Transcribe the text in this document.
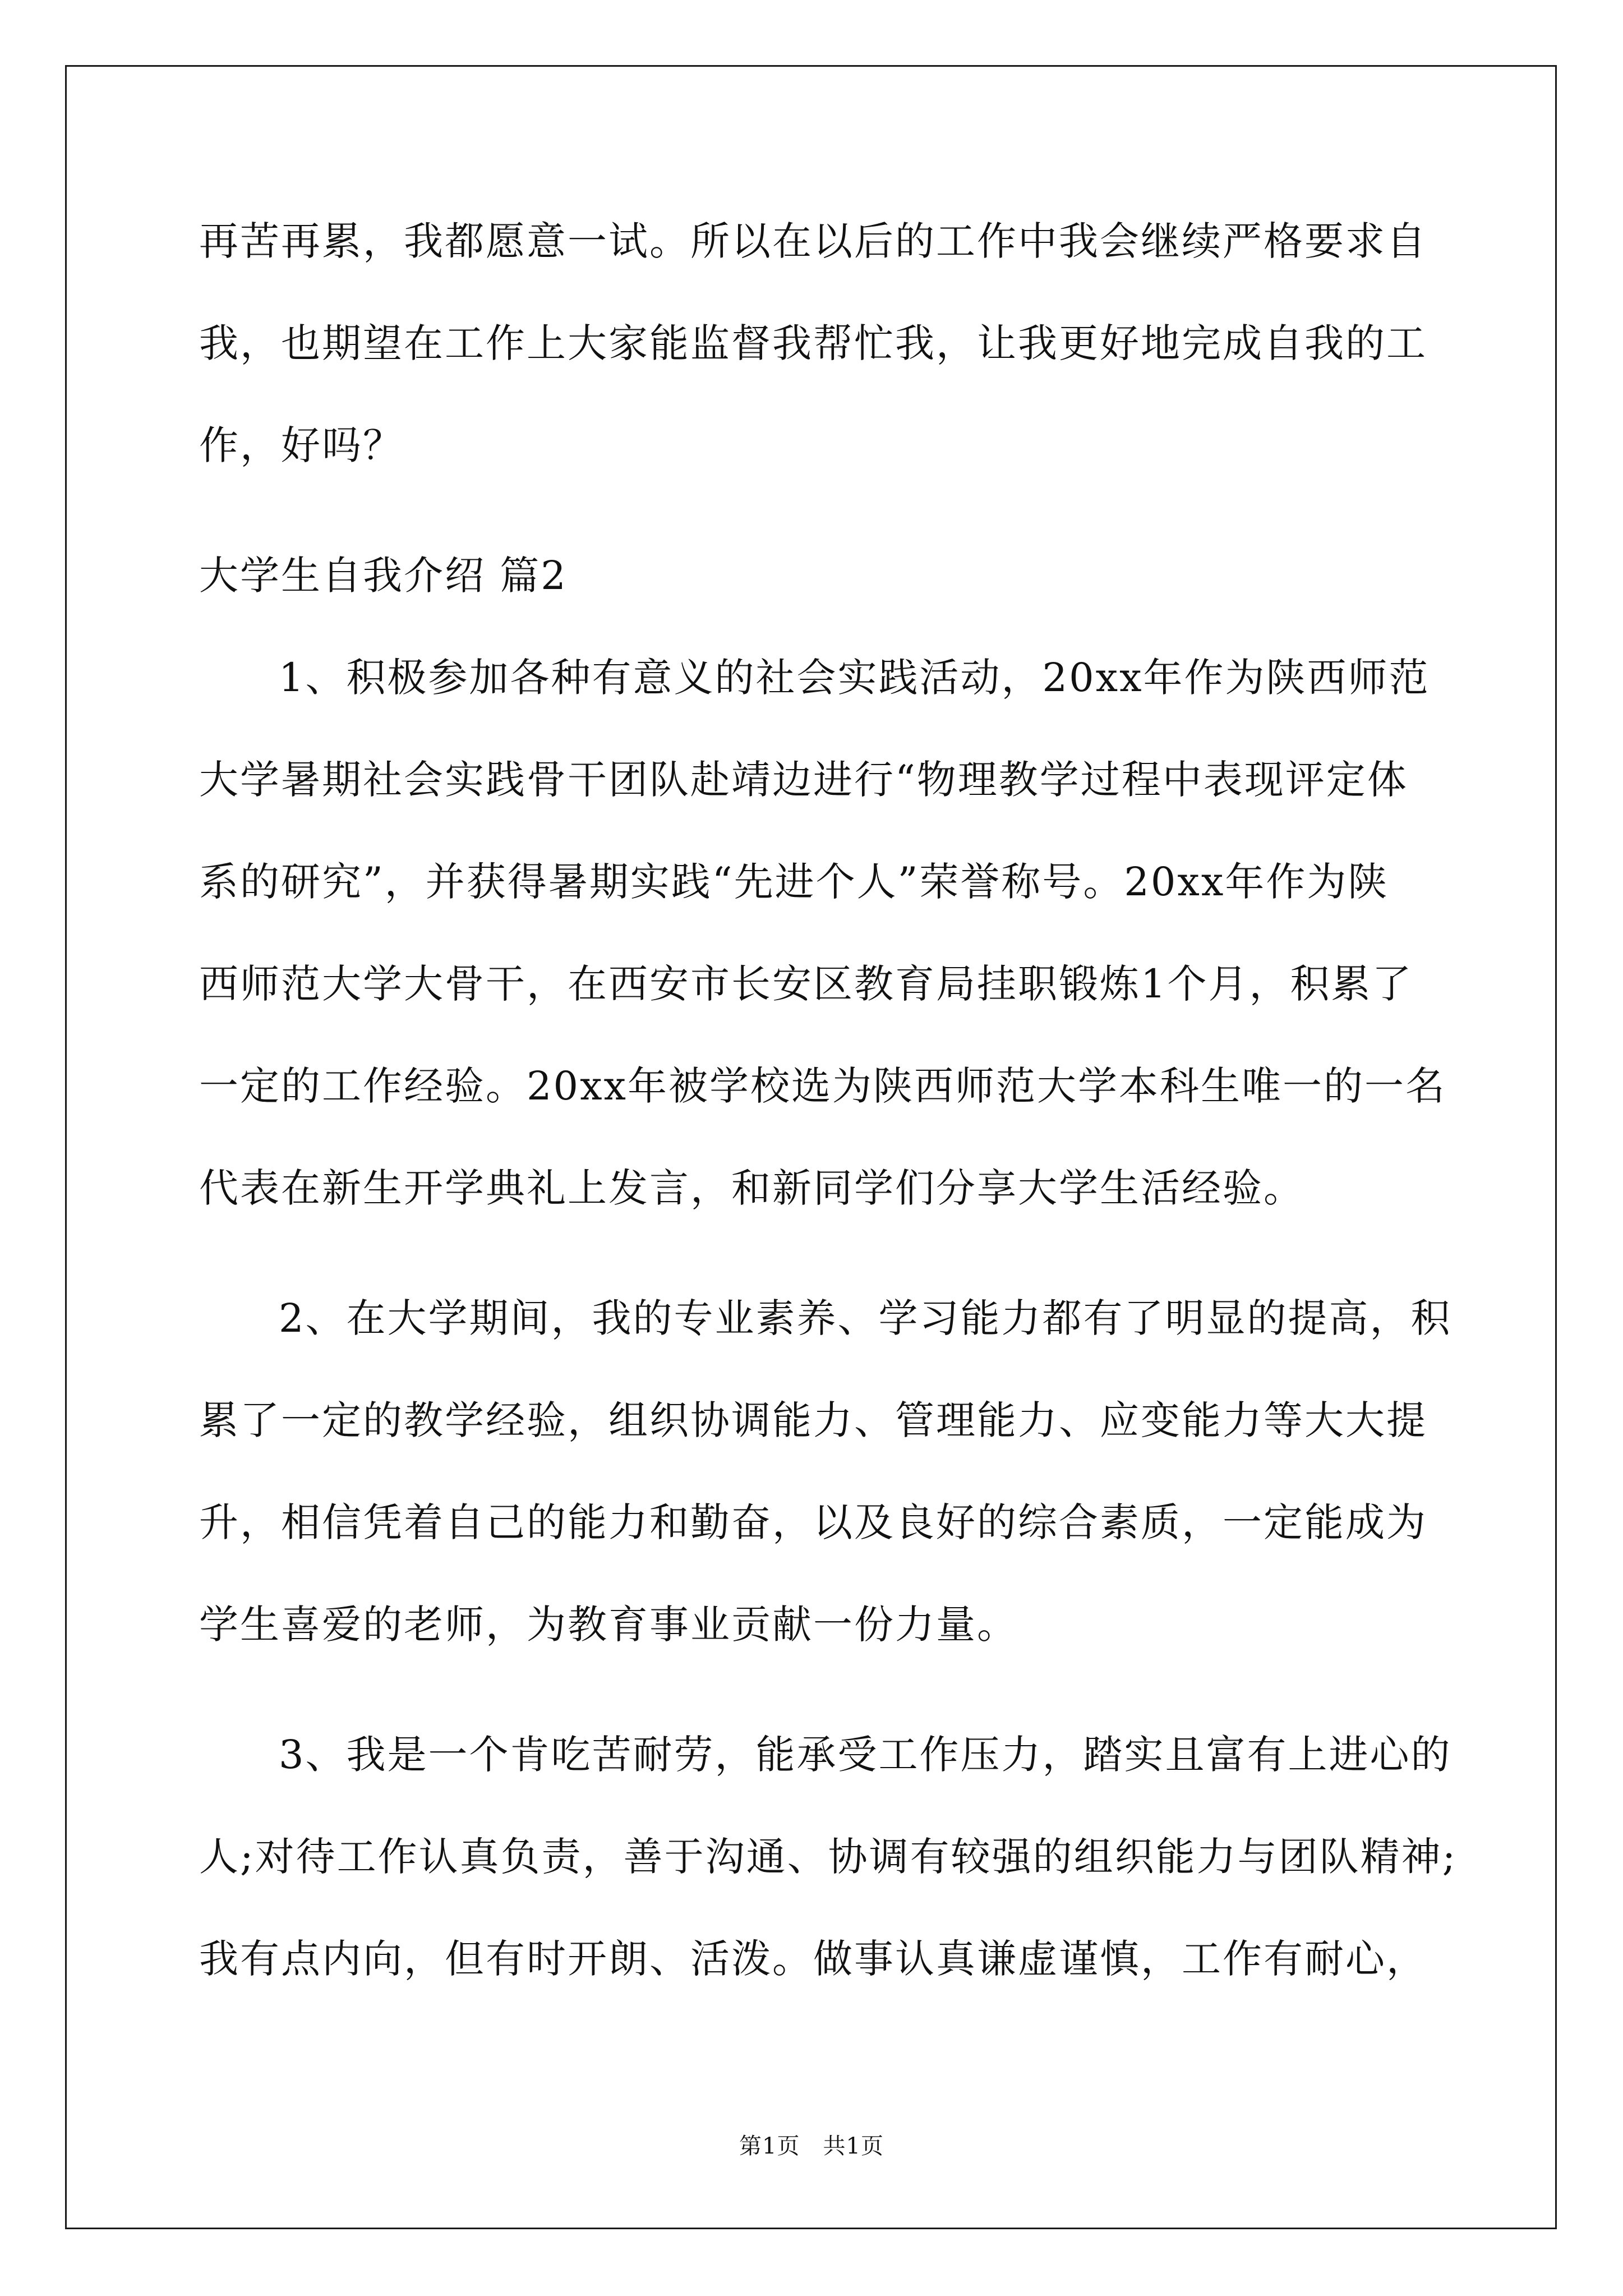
再苦再累，我都愿意一试。所以在以后的工作中我会继续严格要求自
我，也期望在工作上大家能监督我帮忙我，让我更好地完成自我的工
作，好吗？
大学生自我介绍 篇2
1、积极参加各种有意义的社会实践活动，20xx年作为陕西师范
大学暑期社会实践骨干团队赴靖边进行“物理教学过程中表现评定体
系的研究”，并获得暑期实践“先进个人”荣誉称号。20xx年作为陕
西师范大学大骨干，在西安市长安区教育局挂职锻炼1个月，积累了
一定的工作经验。20xx年被学校选为陕西师范大学本科生唯一的一名
代表在新生开学典礼上发言，和新同学们分享大学生活经验。
2、在大学期间，我的专业素养、学习能力都有了明显的提高，积
累了一定的教学经验，组织协调能力、管理能力、应变能力等大大提
升，相信凭着自己的能力和勤奋，以及良好的综合素质，一定能成为
学生喜爱的老师，为教育事业贡献一份力量。
3、我是一个肯吃苦耐劳，能承受工作压力，踏实且富有上进心的
人;对待工作认真负责，善于沟通、协调有较强的组织能力与团队精神;
我有点内向，但有时开朗、活泼。做事认真谦虚谨慎，工作有耐心，
第1页　共1页
